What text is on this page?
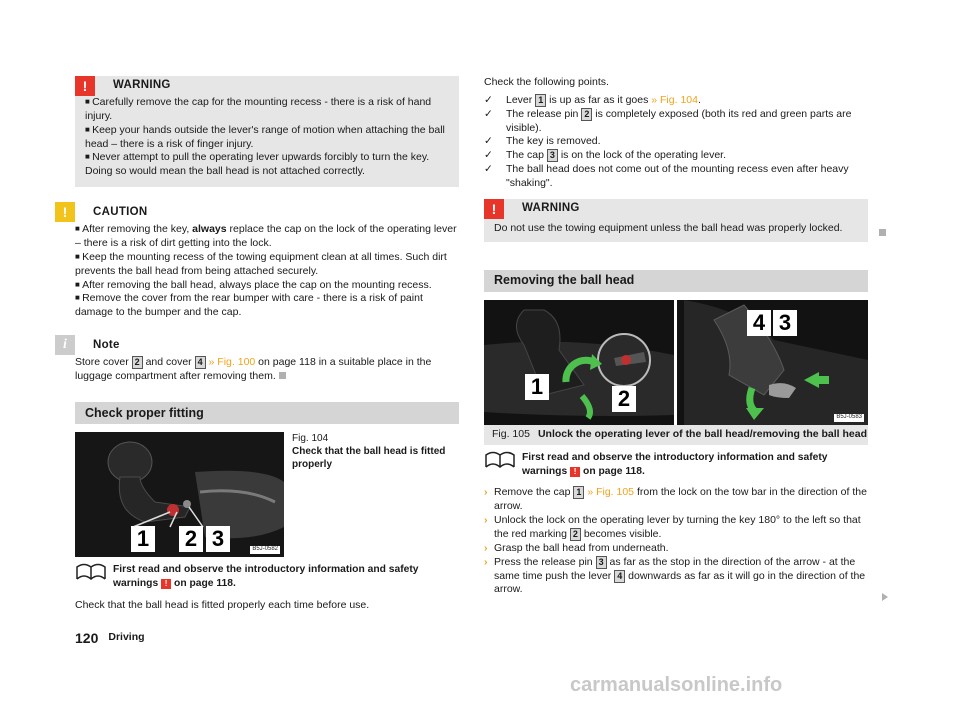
!	WARNING
■ Carefully remove the cap for the mounting recess - there is a risk of hand injury.
■ Keep your hands outside the lever's range of motion when attaching the ball head – there is a risk of finger injury.
■ Never attempt to pull the operating lever upwards forcibly to turn the key. Doing so would mean the ball head is not attached correctly.
!	CAUTION
■ After removing the key, always replace the cap on the lock of the operating lever – there is a risk of dirt getting into the lock.
■ Keep the mounting recess of the towing equipment clean at all times. Such dirt prevents the ball head from being attached securely.
■ After removing the ball head, always place the cap on the mounting recess.
■ Remove the cover from the rear bumper with care - there is a risk of paint damage to the bumper and the cap.
i	Note
Store cover 2 and cover 4 » Fig. 100 on page 118 in a suitable place in the luggage compartment after removing them.
Check proper fitting
1 2 3	B5J-0582
Fig. 104
Check that the ball head is fitted properly
First read and observe the introductory information and safety warnings ! on page 118.
Check that the ball head is fitted properly each time before use.
Check the following points.
✓	Lever 1 is up as far as it goes » Fig. 104.
✓	The release pin 2 is completely exposed (both its red and green parts are visible).
✓	The key is removed.
✓	The cap 3 is on the lock of the operating lever.
✓	The ball head does not come out of the mounting recess even after heavy "shaking".
!	WARNING
Do not use the towing equipment unless the ball head was properly locked.
Removing the ball head
1	2
4 3
B5J-0583
Fig. 105 Unlock the operating lever of the ball head/removing the ball head
First read and observe the introductory information and safety warnings ! on page 118.
› Remove the cap 1 » Fig. 105 from the lock on the tow bar in the direction of the arrow.
› Unlock the lock on the operating lever by turning the key 180° to the left so that the red marking 2 becomes visible.
› Grasp the ball head from underneath.
› Press the release pin 3 as far as the stop in the direction of the arrow - at the same time push the lever 4 downwards as far as it will go in the direction of the arrow.
120 Driving
carmanualsonline.info
